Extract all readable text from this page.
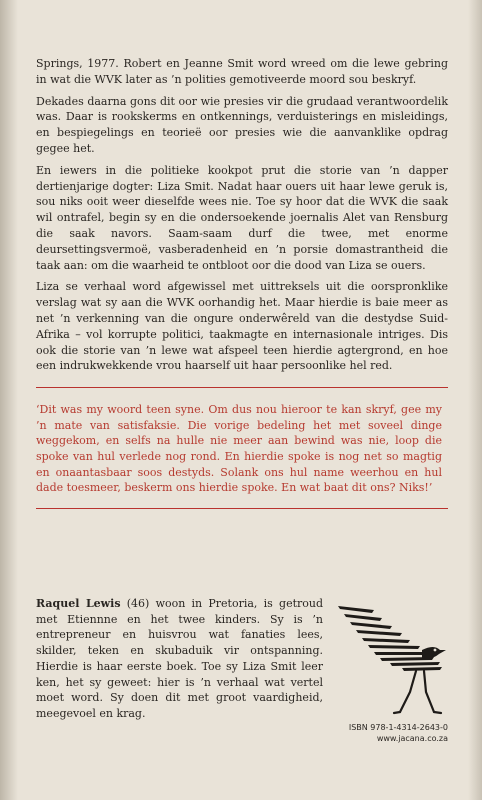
Springs, 1977. Robert en Jeanne Smit word wreed om die lewe gebring in wat die WVK later as ’n polities gemotiveerde moord sou beskryf.

Dekades daarna gons dit oor wie presies vir die grudaad verantwoordelik was. Daar is rookskerms en ontkennings, verduisterings en misleidings, en bespiegelings en teorieë oor presies wie die aanvanklike opdrag gegee het.

En iewers in die politieke kookpot prut die storie van ’n dapper dertienjarige dogter: Liza Smit. Nadat haar ouers uit haar lewe geruk is, sou niks ooit weer dieselfde wees nie. Toe sy hoor dat die WVK die saak wil ontrafel, begin sy en die ondersoekende joernalis Alet van Rensburg die saak navors. Saam-saam durf die twee, met enorme deursettingsvermoë, vasberadenheid en ’n porsie domastrantheid die taak aan: om die waarheid te ontbloot oor die dood van Liza se ouers.

Liza se verhaal word afgewissel met uittreksels uit die oorspronklike verslag wat sy aan die WVK oorhandig het. Maar hierdie is baie meer as net ’n verkenning van die ongure onderwêreld van die destydse Suid-Afrika – vol korrupte politici, taakmagte en internasionale intriges. Dis ook die storie van ’n lewe wat afspeel teen hierdie agtergrond, en hoe een indrukwekkende vrou haarself uit haar persoonlike hel red.

‘Dit was my woord teen syne. Om dus nou hieroor te kan skryf, gee my ’n mate van satisfaksie. Die vorige bedeling het met soveel dinge weggekom, en selfs na hulle nie meer aan bewind was nie, loop die spoke van hul verlede nog rond. En hierdie spoke is nog net so magtig en onaantasbaar soos destyds. Solank ons hul name weerhou en hul dade toesmeer, beskerm ons hierdie spoke. En wat baat dit ons? Niks!’

Raquel Lewis (46) woon in Pretoria, is getroud met Etiennne en het twee kinders. Sy is ’n entrepreneur en huisvrou wat fanaties lees, skilder, teken en skubaduik vir ontspanning. Hierdie is haar eerste boek. Toe sy Liza Smit leer ken, het sy geweet: hier is ’n verhaal wat vertel moet word. Sy doen dit met groot vaardigheid, meegevoel en krag.

ISBN 978-1-4314-2643-0

www.jacana.co.za
